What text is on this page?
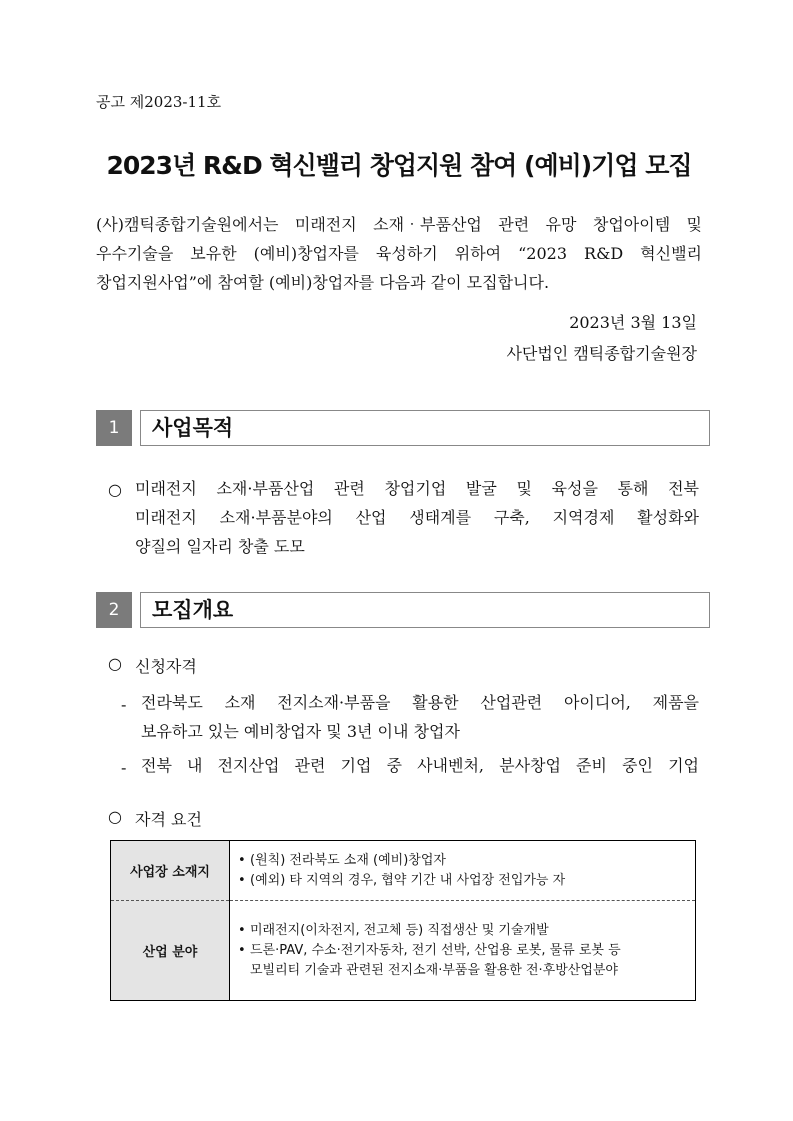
공고 제2023-11호
2023년 R&D 혁신밸리 창업지원 참여 (예비)기업 모집
(사)캠틱종합기술원에서는 미래전지 소재‧부품산업 관련 유망 창업아이템 및
우수기술을 보유한 (예비)창업자를 육성하기 위하여 “2023 R&D 혁신밸리
창업지원사업”에 참여할 (예비)창업자를 다음과 같이 모집합니다.
2023년 3월 13일
사단법인 캠틱종합기술원장
1	사업목적
○ 미래전지 소재·부품산업 관련 창업기업 발굴 및 육성을 통해 전북
미래전지 소재·부품분야의 산업 생태계를 구축, 지역경제 활성화와
양질의 일자리 창출 도모
2	모집개요
○ 신청자격
- 전라북도 소재 전지소재·부품을 활용한 산업관련 아이디어, 제품을
보유하고 있는 예비창업자 및 3년 이내 창업자
- 전북 내 전지산업 관련 기업 중 사내벤처, 분사창업 준비 중인 기업
○ 자격 요건
사업장 소재지	• (원칙) 전라북도 소재 (예비)창업자
• (예외) 타 지역의 경우, 협약 기간 내 사업장 전입가능 자

산업 분야	• 미래전지(이차전지, 전고체 등) 직접생산 및 기술개발
• 드론·PAV, 수소·전기자동차, 전기 선박, 산업용 로봇, 물류 로봇 등
모빌리티 기술과 관련된 전지소재·부품을 활용한 전·후방산업분야
